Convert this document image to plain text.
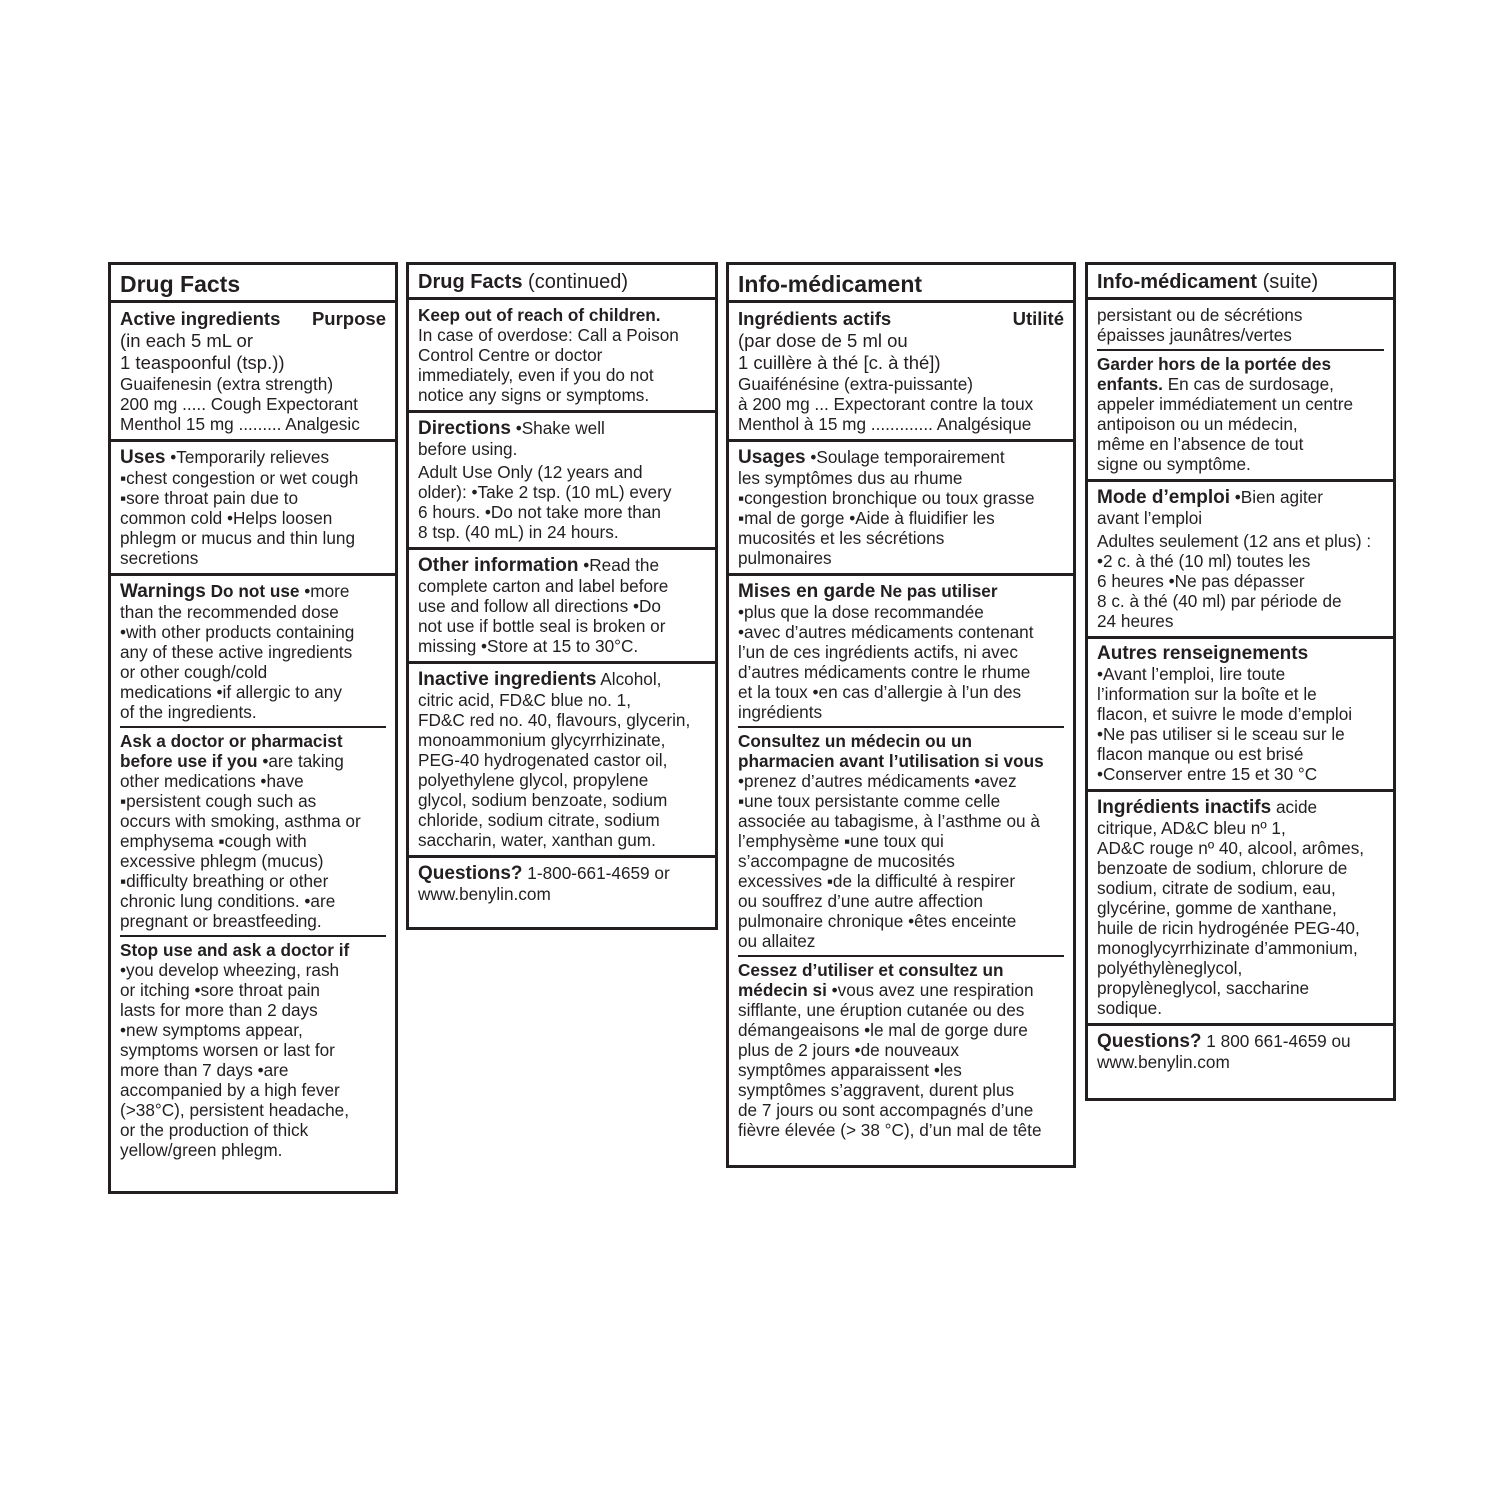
Drug Facts
Active ingredients Purpose
(in each 5 mL or
1 teaspoonful (tsp.))
Guaifenesin (extra strength)
200 mg ..... Cough Expectorant
Menthol 15 mg ......... Analgesic
Uses •Temporarily relieves
▪chest congestion or wet cough
▪sore throat pain due to
common cold •Helps loosen
phlegm or mucus and thin lung
secretions
Warnings Do not use •more
than the recommended dose
•with other products containing
any of these active ingredients
or other cough/cold
medications •if allergic to any
of the ingredients.
Ask a doctor or pharmacist
before use if you •are taking
other medications •have
▪persistent cough such as
occurs with smoking, asthma or
emphysema ▪cough with
excessive phlegm (mucus)
▪difficulty breathing or other
chronic lung conditions. •are
pregnant or breastfeeding.
Stop use and ask a doctor if
•you develop wheezing, rash
or itching •sore throat pain
lasts for more than 2 days
•new symptoms appear,
symptoms worsen or last for
more than 7 days •are
accompanied by a high fever
(>38°C), persistent headache,
or the production of thick
yellow/green phlegm.
Drug Facts (continued)
Keep out of reach of children.
In case of overdose: Call a Poison
Control Centre or doctor
immediately, even if you do not
notice any signs or symptoms.
Directions •Shake well
before using.
Adult Use Only (12 years and
older): •Take 2 tsp. (10 mL) every
6 hours. •Do not take more than
8 tsp. (40 mL) in 24 hours.
Other information •Read the
complete carton and label before
use and follow all directions •Do
not use if bottle seal is broken or
missing •Store at 15 to 30°C.
Inactive ingredients Alcohol,
citric acid, FD&C blue no. 1,
FD&C red no. 40, flavours, glycerin,
monoammonium glycyrrhizinate,
PEG-40 hydrogenated castor oil,
polyethylene glycol, propylene
glycol, sodium benzoate, sodium
chloride, sodium citrate, sodium
saccharin, water, xanthan gum.
Questions? 1-800-661-4659 or
www.benylin.com
Info-médicament
Ingrédients actifs	Utilité
(par dose de 5 ml ou
1 cuillère à thé [c. à thé])
Guaifénésine (extra-puissante)
à 200 mg ... Expectorant contre la toux
Menthol à 15 mg ............. Analgésique
Usages •Soulage temporairement
les symptômes dus au rhume
▪congestion bronchique ou toux grasse
▪mal de gorge •Aide à fluidifier les
mucosités et les sécrétions
pulmonaires
Mises en garde Ne pas utiliser
•plus que la dose recommandée
•avec d’autres médicaments contenant
l’un de ces ingrédients actifs, ni avec
d’autres médicaments contre le rhume
et la toux •en cas d’allergie à l’un des
ingrédients
Consultez un médecin ou un
pharmacien avant l’utilisation si vous
•prenez d’autres médicaments •avez
▪une toux persistante comme celle
associée au tabagisme, à l’asthme ou à
l’emphysème ▪une toux qui
s’accompagne de mucosités
excessives ▪de la difficulté à respirer
ou souffrez d’une autre affection
pulmonaire chronique •êtes enceinte
ou allaitez
Cessez d’utiliser et consultez un
médecin si •vous avez une respiration
sifflante, une éruption cutanée ou des
démangeaisons •le mal de gorge dure
plus de 2 jours •de nouveaux
symptômes apparaissent •les
symptômes s’aggravent, durent plus
de 7 jours ou sont accompagnés d’une
fièvre élevée (> 38 °C), d’un mal de tête
Info-médicament (suite)
persistant ou de sécrétions
épaisses jaunâtres/vertes
Garder hors de la portée des
enfants. En cas de surdosage,
appeler immédiatement un centre
antipoison ou un médecin,
même en l’absence de tout
signe ou symptôme.
Mode d’emploi •Bien agiter
avant l’emploi
Adultes seulement (12 ans et plus) :
•2 c. à thé (10 ml) toutes les
6 heures •Ne pas dépasser
8 c. à thé (40 ml) par période de
24 heures
Autres renseignements
•Avant l’emploi, lire toute
l’information sur la boîte et le
flacon, et suivre le mode d’emploi
•Ne pas utiliser si le sceau sur le
flacon manque ou est brisé
•Conserver entre 15 et 30 °C
Ingrédients inactifs acide
citrique, AD&C bleu nº 1,
AD&C rouge nº 40, alcool, arômes,
benzoate de sodium, chlorure de
sodium, citrate de sodium, eau,
glycérine, gomme de xanthane,
huile de ricin hydrogénée PEG-40,
monoglycyrrhizinate d’ammonium,
polyéthylèneglycol,
propylèneglycol, saccharine
sodique.
Questions? 1 800 661-4659 ou
www.benylin.com
